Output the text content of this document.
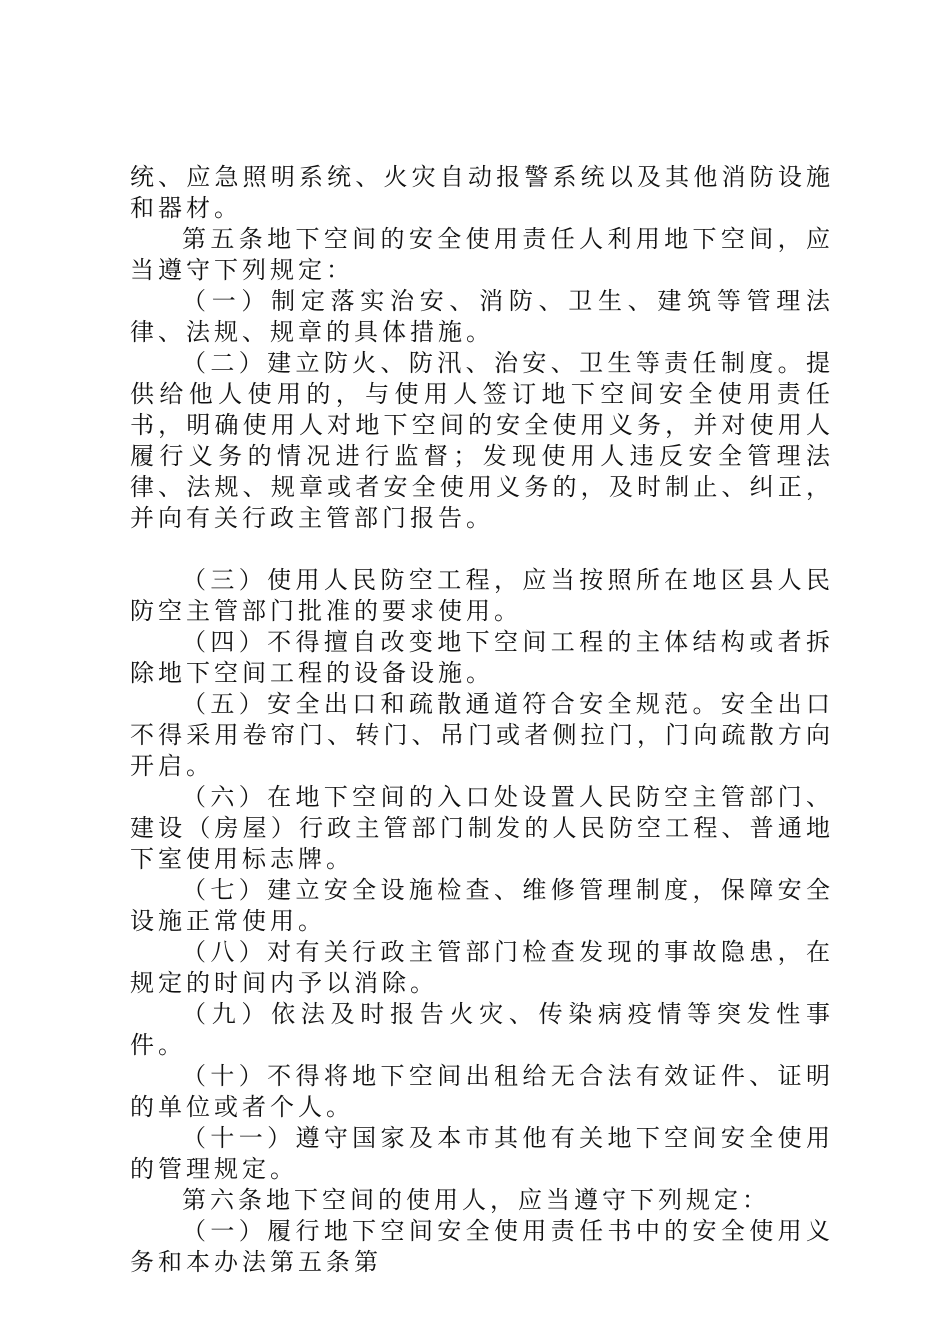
统、应急照明系统、火灾自动报警系统以及其他消防设施和器材。

第五条地下空间的安全使用责任人利用地下空间，应当遵守下列规定：

（一）制定落实治安、消防、卫生、建筑等管理法律、法规、规章的具体措施。

（二）建立防火、防汛、治安、卫生等责任制度。提供给他人使用的，与使用人签订地下空间安全使用责任书，明确使用人对地下空间的安全使用义务，并对使用人履行义务的情况进行监督；发现使用人违反安全管理法律、法规、规章或者安全使用义务的，及时制止、纠正，并向有关行政主管部门报告。

（三）使用人民防空工程，应当按照所在地区县人民防空主管部门批准的要求使用。

（四）不得擅自改变地下空间工程的主体结构或者拆除地下空间工程的设备设施。

（五）安全出口和疏散通道符合安全规范。安全出口不得采用卷帘门、转门、吊门或者侧拉门，门向疏散方向开启。

（六）在地下空间的入口处设置人民防空主管部门、建设（房屋）行政主管部门制发的人民防空工程、普通地下室使用标志牌。

（七）建立安全设施检查、维修管理制度，保障安全设施正常使用。

（八）对有关行政主管部门检查发现的事故隐患，在规定的时间内予以消除。

（九）依法及时报告火灾、传染病疫情等突发性事件。

（十）不得将地下空间出租给无合法有效证件、证明的单位或者个人。

（十一）遵守国家及本市其他有关地下空间安全使用的管理规定。

第六条地下空间的使用人，应当遵守下列规定：

（一）履行地下空间安全使用责任书中的安全使用义务和本办法第五条第
